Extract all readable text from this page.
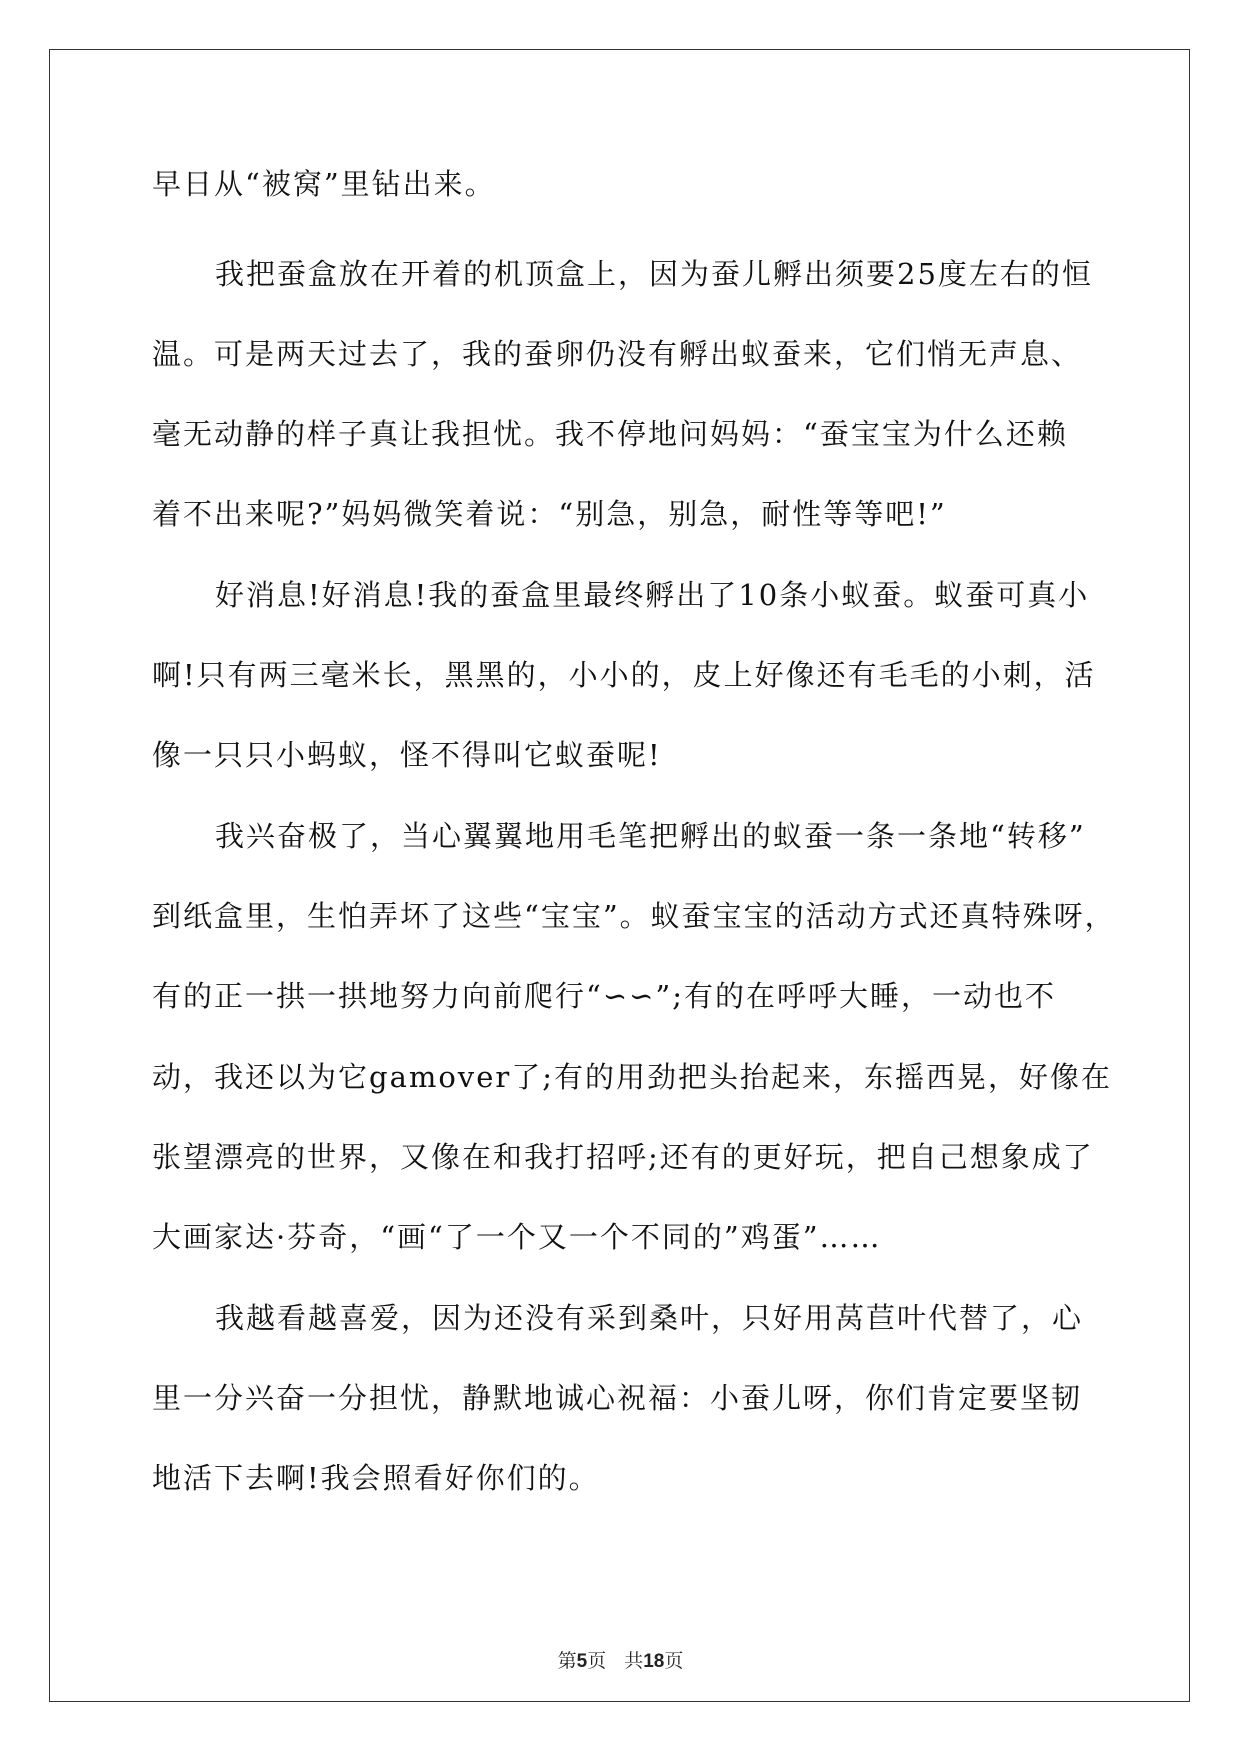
早日从“被窝”里钻出来。
我把蚕盒放在开着的机顶盒上，因为蚕儿孵出须要25度左右的恒
温。可是两天过去了，我的蚕卵仍没有孵出蚁蚕来，它们悄无声息、
毫无动静的样子真让我担忧。我不停地问妈妈：“蚕宝宝为什么还赖
着不出来呢?”妈妈微笑着说：“别急，别急，耐性等等吧!”
好消息!好消息!我的蚕盒里最终孵出了10条小蚁蚕。蚁蚕可真小
啊!只有两三毫米长，黑黑的，小小的，皮上好像还有毛毛的小刺，活
像一只只小蚂蚁，怪不得叫它蚁蚕呢!
我兴奋极了，当心翼翼地用毛笔把孵出的蚁蚕一条一条地“转移”
到纸盒里，生怕弄坏了这些“宝宝”。蚁蚕宝宝的活动方式还真特殊呀，
有的正一拱一拱地努力向前爬行“∽∽”;有的在呼呼大睡，一动也不
动，我还以为它gamover了;有的用劲把头抬起来，东摇西晃，好像在
张望漂亮的世界，又像在和我打招呼;还有的更好玩，把自己想象成了
大画家达·芬奇，“画“了一个又一个不同的”鸡蛋”……
我越看越喜爱，因为还没有采到桑叶，只好用莴苣叶代替了，心
里一分兴奋一分担忧，静默地诚心祝福：小蚕儿呀，你们肯定要坚韧
地活下去啊!我会照看好你们的。
第5页 共18页
